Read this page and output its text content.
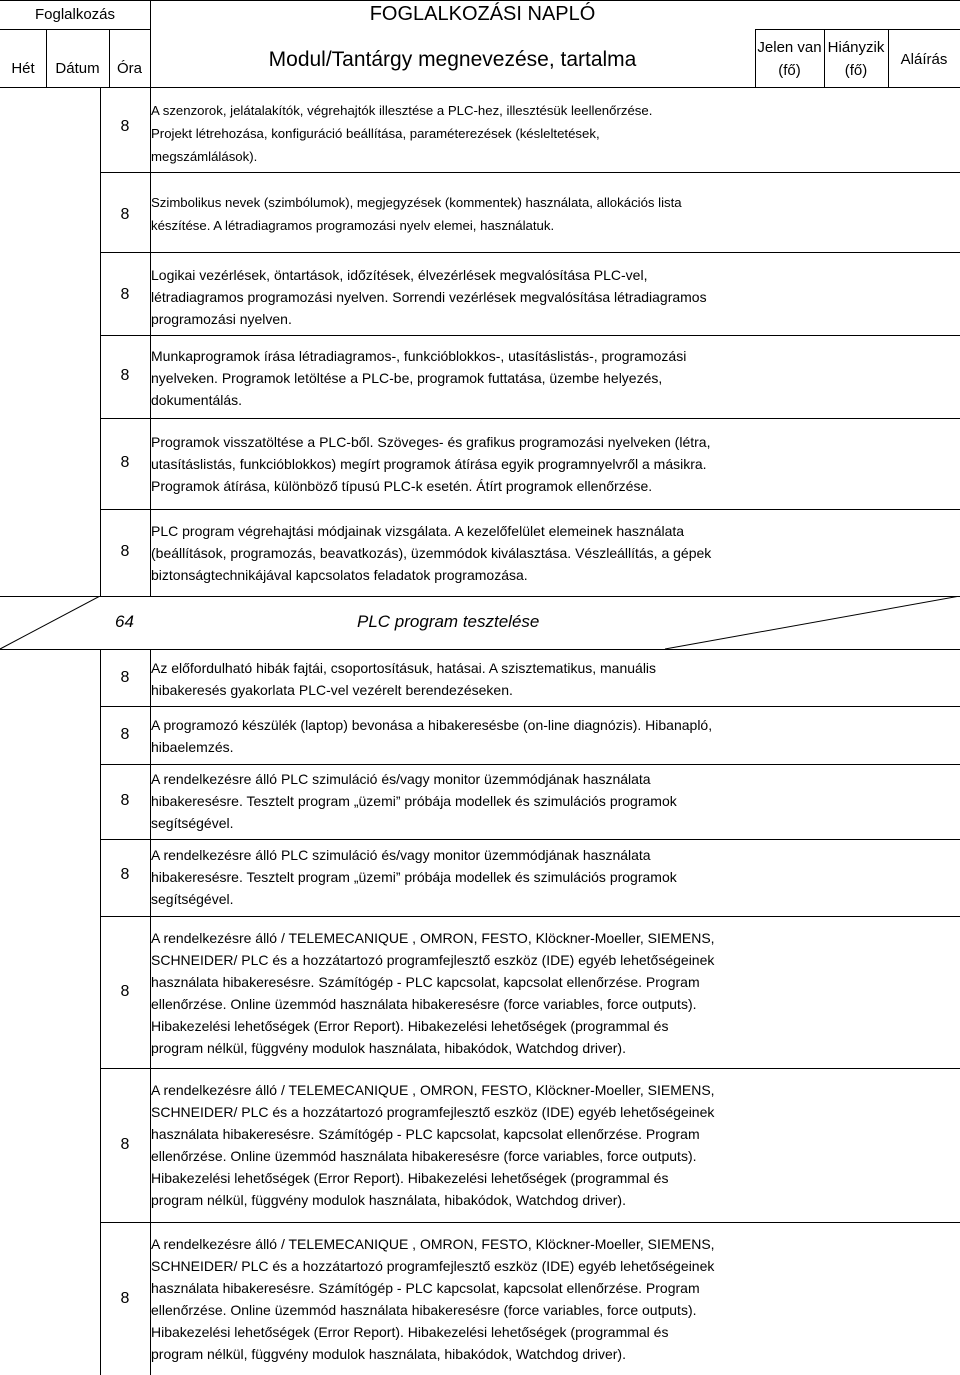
Foglalkozás
Hét	Dátum	Óra
FOGLALKOZÁSI NAPLÓ
Modul/Tantárgy megnevezése, tartalma
Jelen van
(fő)
Hiányzik
(fő)
Aláírás
8
A szenzorok, jelátalakítók, végrehajtók illesztése a PLC-hez, illesztésük leellenőrzése.
Projekt létrehozása, konfiguráció beállítása, paraméterezések (késleltetések,
megszámlálások).
8
Szimbolikus nevek (szimbólumok), megjegyzések (kommentek) használata, allokációs lista
készítése. A létradiagramos programozási nyelv elemei, használatuk.
8
Logikai vezérlések, öntartások, időzítések, élvezérlések megvalósítása PLC-vel,
létradiagramos programozási nyelven. Sorrendi vezérlések megvalósítása létradiagramos
programozási nyelven.
8
Munkaprogramok írása létradiagramos-, funkcióblokkos-, utasításlistás-, programozási
nyelveken. Programok letöltése a PLC-be, programok futtatása, üzembe helyezés,
dokumentálás.
8
Programok visszatöltése a PLC-ből. Szöveges- és grafikus programozási nyelveken (létra,
utasításlistás, funkcióblokkos) megírt programok átírása egyik programnyelvről a másikra.
Programok átírása, különböző típusú PLC-k esetén. Átírt programok ellenőrzése.
8
PLC program végrehajtási módjainak vizsgálata. A kezelőfelület elemeinek használata
(beállítások, programozás, beavatkozás), üzemmódok kiválasztása. Vészleállítás, a gépek
biztonságtechnikájával kapcsolatos feladatok programozása.
64	PLC program tesztelése
8
Az előfordulható hibák fajtái, csoportosításuk, hatásai. A szisztematikus, manuális
hibakeresés gyakorlata PLC-vel vezérelt berendezéseken.
8
A programozó készülék (laptop) bevonása a hibakeresésbe (on-line diagnózis). Hibanapló,
hibaelemzés.
8
A rendelkezésre álló PLC szimuláció és/vagy monitor üzemmódjának használata
hibakeresésre. Tesztelt program „üzemi” próbája modellek és szimulációs programok
segítségével.
8
A rendelkezésre álló PLC szimuláció és/vagy monitor üzemmódjának használata
hibakeresésre. Tesztelt program „üzemi” próbája modellek és szimulációs programok
segítségével.
8
A rendelkezésre álló / TELEMECANIQUE , OMRON, FESTO, Klöckner-Moeller, SIEMENS,
SCHNEIDER/ PLC és a hozzátartozó programfejlesztő eszköz (IDE) egyéb lehetőségeinek
használata hibakeresésre. Számítógép - PLC kapcsolat, kapcsolat ellenőrzése. Program
ellenőrzése. Online üzemmód használata hibakeresésre (force variables, force outputs).
Hibakezelési lehetőségek (Error Report). Hibakezelési lehetőségek (programmal és
program nélkül, függvény modulok használata, hibakódok, Watchdog driver).
8
A rendelkezésre álló / TELEMECANIQUE , OMRON, FESTO, Klöckner-Moeller, SIEMENS,
SCHNEIDER/ PLC és a hozzátartozó programfejlesztő eszköz (IDE) egyéb lehetőségeinek
használata hibakeresésre. Számítógép - PLC kapcsolat, kapcsolat ellenőrzése. Program
ellenőrzése. Online üzemmód használata hibakeresésre (force variables, force outputs).
Hibakezelési lehetőségek (Error Report). Hibakezelési lehetőségek (programmal és
program nélkül, függvény modulok használata, hibakódok, Watchdog driver).
8
A rendelkezésre álló / TELEMECANIQUE , OMRON, FESTO, Klöckner-Moeller, SIEMENS,
SCHNEIDER/ PLC és a hozzátartozó programfejlesztő eszköz (IDE) egyéb lehetőségeinek
használata hibakeresésre. Számítógép - PLC kapcsolat, kapcsolat ellenőrzése. Program
ellenőrzése. Online üzemmód használata hibakeresésre (force variables, force outputs).
Hibakezelési lehetőségek (Error Report). Hibakezelési lehetőségek (programmal és
program nélkül, függvény modulok használata, hibakódok, Watchdog driver).
